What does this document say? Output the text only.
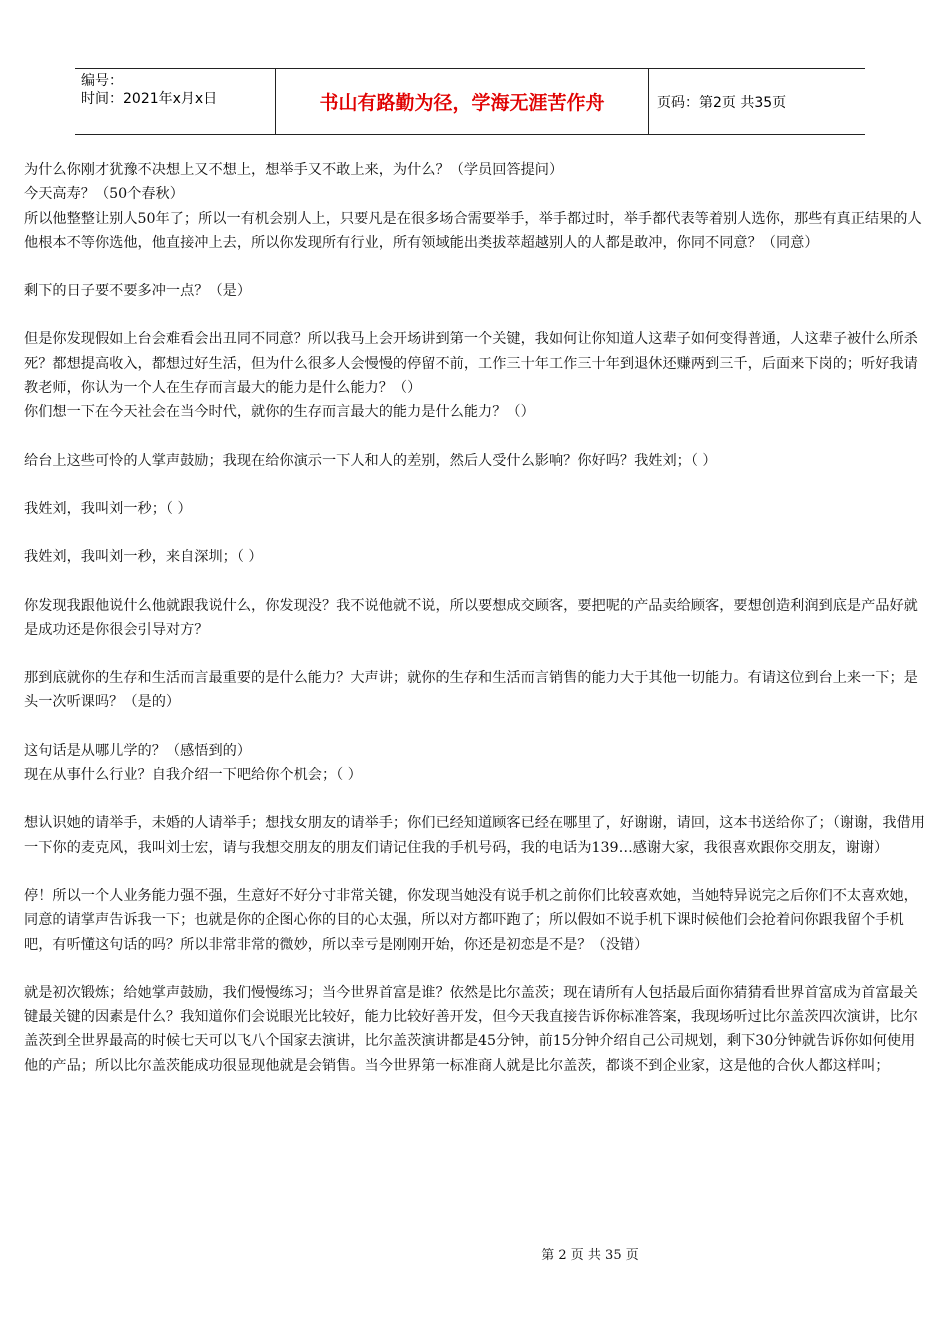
编号：
时间：2021年x月x日	书山有路勤为径，学海无涯苦作舟	页码：第2页 共35页

为什么你刚才犹豫不决想上又不想上，想举手又不敢上来，为什么？（学员回答提问）

今天高寿？（50个春秋）

所以他整整让别人50年了；所以一有机会别人上，只要凡是在很多场合需要举手，举手都过时，举手都代表等着别人选你，那些有真正结果的人他根本不等你选他，他直接冲上去，所以你发现所有行业，所有领域能出类拔萃超越别人的人都是敢冲，你同不同意？（同意）

剩下的日子要不要多冲一点？（是）

但是你发现假如上台会难看会出丑同不同意？所以我马上会开场讲到第一个关键，我如何让你知道人这辈子如何变得普通，人这辈子被什么所杀死？都想提高收入，都想过好生活，但为什么很多人会慢慢的停留不前，工作三十年工作三十年到退休还赚两到三千，后面来下岗的；听好我请教老师，你认为一个人在生存而言最大的能力是什么能力？（）

你们想一下在今天社会在当今时代，就你的生存而言最大的能力是什么能力？（）

给台上这些可怜的人掌声鼓励；我现在给你演示一下人和人的差别，然后人受什么影响？你好吗？我姓刘；（ ）

我姓刘，我叫刘一秒；（ ）

我姓刘，我叫刘一秒，来自深圳；（ ）

你发现我跟他说什么他就跟我说什么，你发现没？我不说他就不说，所以要想成交顾客，要把呢的产品卖给顾客，要想创造利润到底是产品好就是成功还是你很会引导对方？

那到底就你的生存和生活而言最重要的是什么能力？大声讲；就你的生存和生活而言销售的能力大于其他一切能力。有请这位到台上来一下；是头一次听课吗？（是的）

这句话是从哪儿学的？（感悟到的）

现在从事什么行业？自我介绍一下吧给你个机会；（ ）

想认识她的请举手，未婚的人请举手；想找女朋友的请举手；你们已经知道顾客已经在哪里了，好谢谢，请回，这本书送给你了；（谢谢，我借用一下你的麦克风，我叫刘士宏，请与我想交朋友的朋友们请记住我的手机号码，我的电话为139…感谢大家，我很喜欢跟你交朋友，谢谢）

停！所以一个人业务能力强不强，生意好不好分寸非常关键，你发现当她没有说手机之前你们比较喜欢她，当她特异说完之后你们不太喜欢她，同意的请掌声告诉我一下；也就是你的企图心你的目的心太强，所以对方都吓跑了；所以假如不说手机下课时候他们会抢着问你跟我留个手机吧，有听懂这句话的吗？所以非常非常的微妙，所以幸亏是刚刚开始，你还是初恋是不是？（没错）

就是初次锻炼；给她掌声鼓励，我们慢慢练习；当今世界首富是谁？依然是比尔盖茨；现在请所有人包括最后面你猜猜看世界首富成为首富最关键最关键的因素是什么？我知道你们会说眼光比较好，能力比较好善开发，但今天我直接告诉你标准答案，我现场听过比尔盖茨四次演讲，比尔盖茨到全世界最高的时候七天可以飞八个国家去演讲，比尔盖茨演讲都是45分钟，前15分钟介绍自己公司规划，剩下30分钟就告诉你如何使用他的产品；所以比尔盖茨能成功很显现他就是会销售。当今世界第一标准商人就是比尔盖茨，都谈不到企业家，这是他的合伙人都这样叫；

第 2 页 共 35 页
